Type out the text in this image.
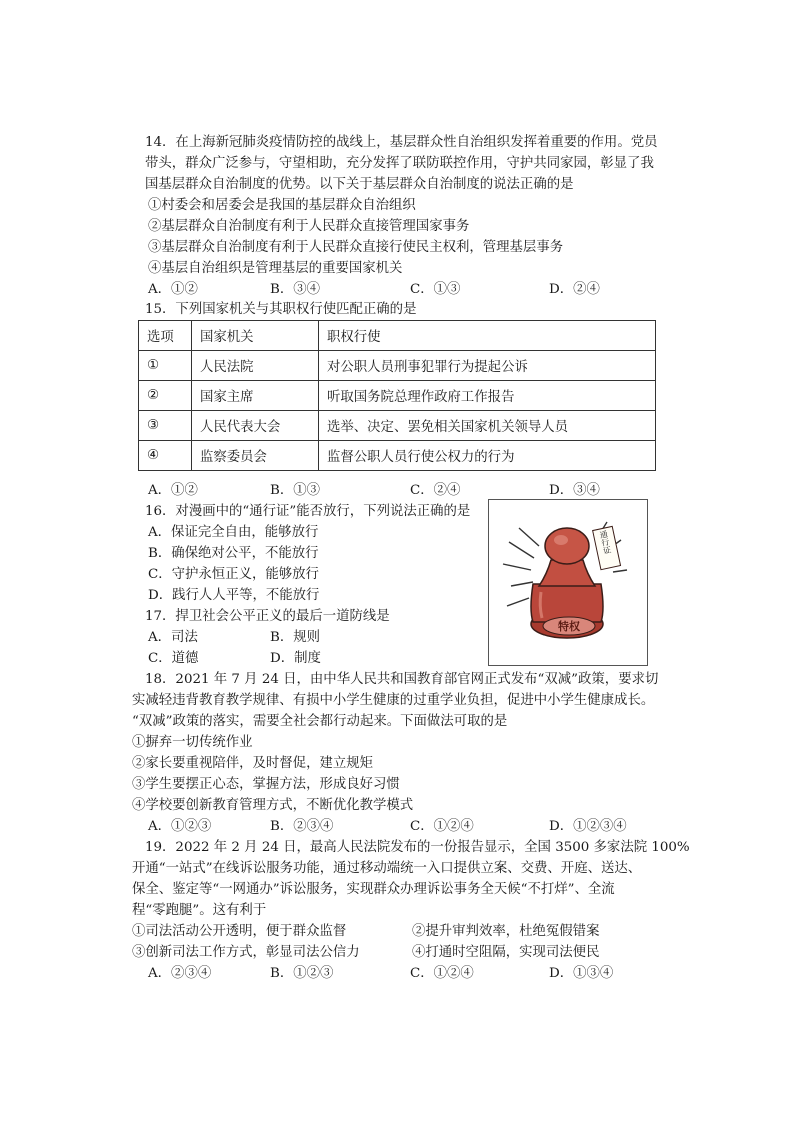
14．在上海新冠肺炎疫情防控的战线上，基层群众性自治组织发挥着重要的作用。党员
带头，群众广泛参与，守望相助，充分发挥了联防联控作用，守护共同家园，彰显了我
国基层群众自治制度的优势。以下关于基层群众自治制度的说法正确的是
①村委会和居委会是我国的基层群众自治组织
②基层群众自治制度有利于人民群众直接管理国家事务
③基层群众自治制度有利于人民群众直接行使民主权利，管理基层事务
④基层自治组织是管理基层的重要国家机关
A．①②	B．③④	C．①③	D．②④
15．下列国家机关与其职权行使匹配正确的是
选项	国家机关	职权行使
①	人民法院	对公职人员刑事犯罪行为提起公诉
②	国家主席	听取国务院总理作政府工作报告
③	人民代表大会	选举、决定、罢免相关国家机关领导人员
④	监察委员会	监督公职人员行使公权力的行为
A．①②	B．①③	C．②④	D．③④
16．对漫画中的“通行证”能否放行，下列说法正确的是
A．保证完全自由，能够放行
B．确保绝对公平，不能放行
C．守护永恒正义，能够放行
D．践行人人平等，不能放行
通行证
特权
17．捍卫社会公平正义的最后一道防线是
A．司法	B．规则
C．道德	D．制度
18．2021 年 7 月 24 日，由中华人民共和国教育部官网正式发布“双减”政策，要求切
实减轻违背教育教学规律、有损中小学生健康的过重学业负担，促进中小学生健康成长。
“双减”政策的落实，需要全社会都行动起来。下面做法可取的是
①摒弃一切传统作业
②家长要重视陪伴，及时督促，建立规矩
③学生要摆正心态，掌握方法，形成良好习惯
④学校要创新教育管理方式，不断优化教学模式
A．①②③	B．②③④	C．①②④	D．①②③④
19．2022 年 2 月 24 日，最高人民法院发布的一份报告显示，全国 3500 多家法院 100%
开通“一站式”在线诉讼服务功能，通过移动端统一入口提供立案、交费、开庭、送达、
保全、鉴定等“一网通办”诉讼服务，实现群众办理诉讼事务全天候“不打烊”、全流
程“零跑腿”。这有利于
①司法活动公开透明，便于群众监督	②提升审判效率，杜绝冤假错案
③创新司法工作方式，彰显司法公信力	④打通时空阻隔，实现司法便民
A．②③④	B．①②③	C．①②④	D．①③④
